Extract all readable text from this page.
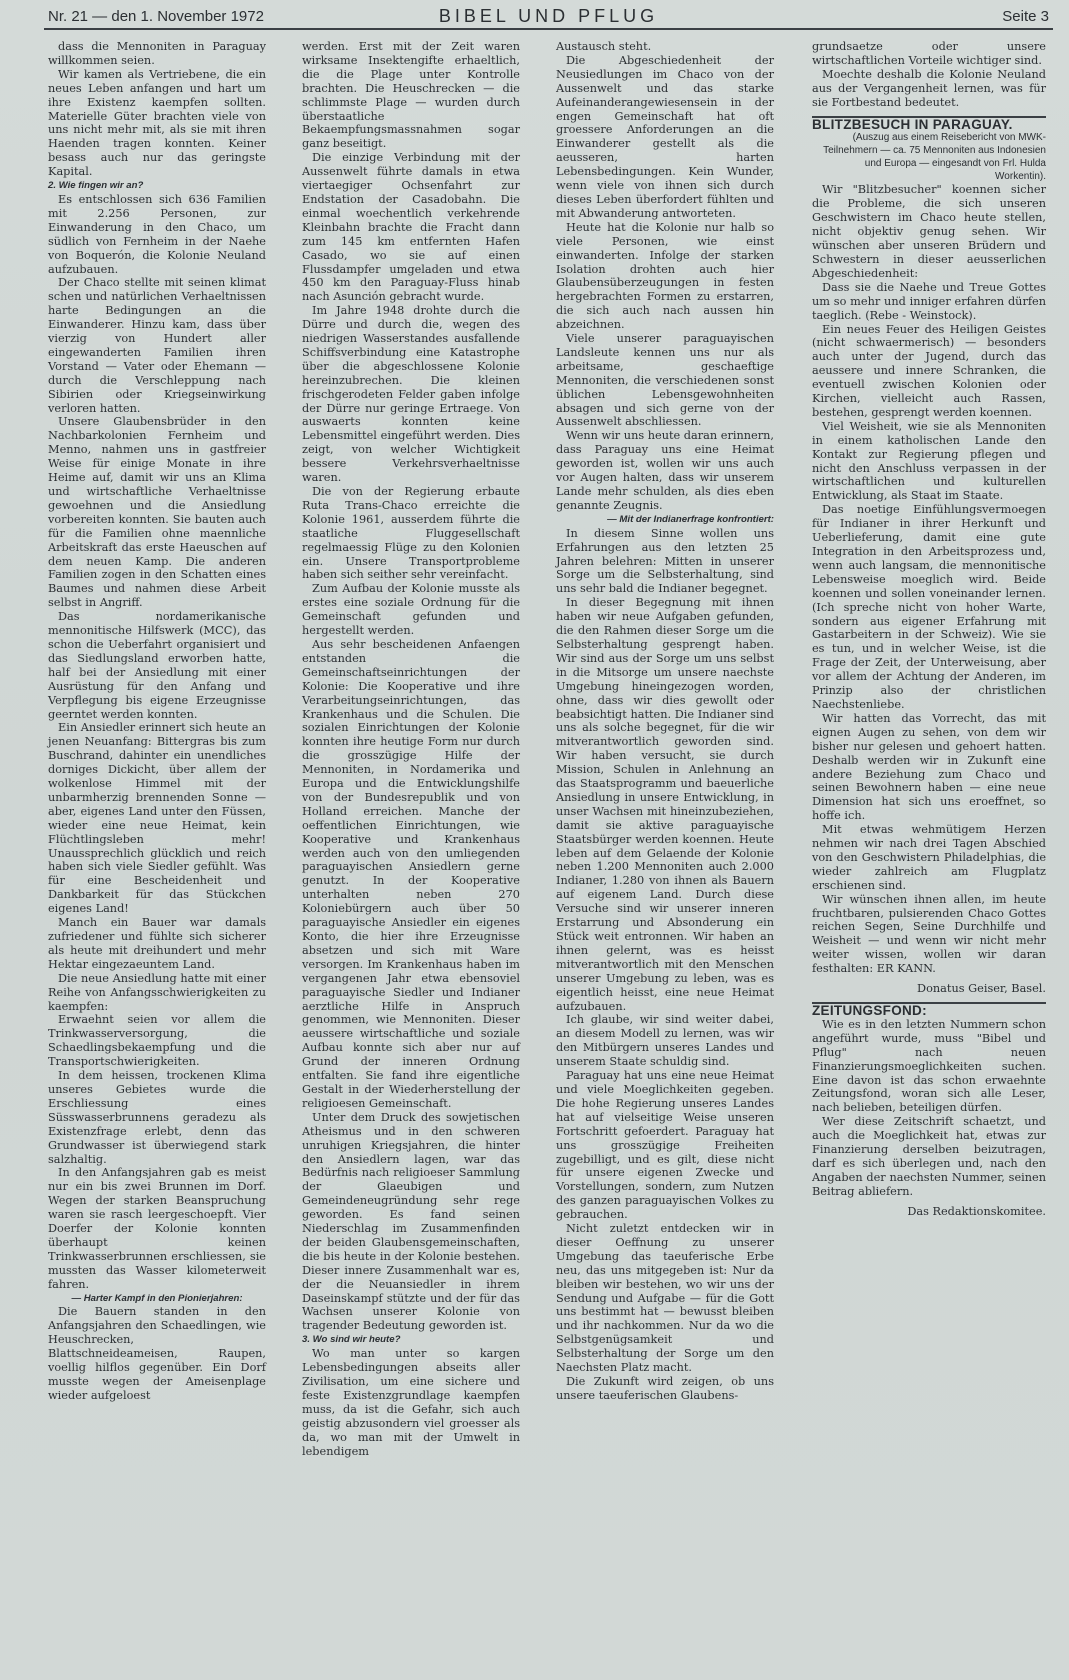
Nr. 21 — den 1. November 1972	BIBEL UND PFLUG	Seite 3

dass die Mennoniten in Paraguay willkommen seien.

Wir kamen als Vertriebene, die ein neues Leben anfangen und hart um ihre Existenz kaempfen sollten. Materielle Güter brachten viele von uns nicht mehr mit, als sie mit ihren Haenden tragen konnten. Keiner besass auch nur das geringste Kapital.

2. Wie fingen wir an?

Es entschlossen sich 636 Familien mit 2.256 Personen, zur Einwanderung in den Chaco, um südlich von Fernheim in der Naehe von Boquerón, die Kolonie Neuland aufzubauen.

Der Chaco stellte mit seinen klimat schen und natürlichen Verhaeltnissen harte Bedingungen an die Einwanderer. Hinzu kam, dass über vierzig von Hundert aller eingewanderten Familien ihren Vorstand — Vater oder Ehemann — durch die Verschleppung nach Sibirien oder Kriegseinwirkung verloren hatten.

Unsere Glaubensbrüder in den Nachbarkolonien Fernheim und Menno, nahmen uns in gastfreier Weise für einige Monate in ihre Heime auf, damit wir uns an Klima und wirtschaftliche Verhaeltnisse gewoehnen und die Ansiedlung vorbereiten konnten. Sie bauten auch für die Familien ohne maennliche Arbeitskraft das erste Haeuschen auf dem neuen Kamp. Die anderen Familien zogen in den Schatten eines Baumes und nahmen diese Arbeit selbst in Angriff.

Das nordamerikanische mennonitische Hilfswerk (MCC), das schon die Ueberfahrt organisiert und das Siedlungsland erworben hatte, half bei der Ansiedlung mit einer Ausrüstung für den Anfang und Verpflegung bis eigene Erzeugnisse geerntet werden konnten.

Ein Ansiedler erinnert sich heute an jenen Neuanfang: Bittergras bis zum Buschrand, dahinter ein unendliches dorniges Dickicht, über allem der wolkenlose Himmel mit der unbarmherzig brennenden Sonne — aber, eigenes Land unter den Füssen, wieder eine neue Heimat, kein Flüchtlingsleben mehr! Unaussprechlich glücklich und reich haben sich viele Siedler gefühlt. Was für eine Bescheidenheit und Dankbarkeit für das Stückchen eigenes Land!

Manch ein Bauer war damals zufriedener und fühlte sich sicherer als heute mit dreihundert und mehr Hektar eingezaeuntem Land.

Die neue Ansiedlung hatte mit einer Reihe von Anfangsschwierigkeiten zu kaempfen:

Erwaehnt seien vor allem die Trinkwasserversorgung, die Schaedlingsbekaempfung und die Transportschwierigkeiten.

In dem heissen, trockenen Klima unseres Gebietes wurde die Erschliessung eines Süsswasserbrunnens geradezu als Existenzfrage erlebt, denn das Grundwasser ist überwiegend stark salzhaltig.

In den Anfangsjahren gab es meist nur ein bis zwei Brunnen im Dorf. Wegen der starken Beanspruchung waren sie rasch leergeschoepft. Vier Doerfer der Kolonie konnten überhaupt keinen Trinkwasserbrunnen erschliessen, sie mussten das Wasser kilometerweit fahren.

— Harter Kampf in den Pionierjahren:

Die Bauern standen in den Anfangsjahren den Schaedlingen, wie Heuschrecken, Blattschneideameisen, Raupen, voellig hilflos gegenüber. Ein Dorf musste wegen der Ameisenplage wieder aufgeloest

werden. Erst mit der Zeit waren wirksame Insektengifte erhaeltlich, die die Plage unter Kontrolle brachten. Die Heuschrecken — die schlimmste Plage — wurden durch überstaatliche Bekaempfungsmassnahmen sogar ganz beseitigt.

Die einzige Verbindung mit der Aussenwelt führte damals in etwa viertaegiger Ochsenfahrt zur Endstation der Casadobahn. Die einmal woechentlich verkehrende Kleinbahn brachte die Fracht dann zum 145 km entfernten Hafen Casado, wo sie auf einen Flussdampfer umgeladen und etwa 450 km den Paraguay-Fluss hinab nach Asunción gebracht wurde.

Im Jahre 1948 drohte durch die Dürre und durch die, wegen des niedrigen Wasserstandes ausfallende Schiffsverbindung eine Katastrophe über die abgeschlossene Kolonie hereinzubrechen. Die kleinen frischgerodeten Felder gaben infolge der Dürre nur geringe Ertraege. Von auswaerts konnten keine Lebensmittel eingeführt werden. Dies zeigt, von welcher Wichtigkeit bessere Verkehrsverhaeltnisse waren.

Die von der Regierung erbaute Ruta Trans-Chaco erreichte die Kolonie 1961, ausserdem führte die staatliche Fluggesellschaft regelmaessig Flüge zu den Kolonien ein. Unsere Transportprobleme haben sich seither sehr vereinfacht.

Zum Aufbau der Kolonie musste als erstes eine soziale Ordnung für die Gemeinschaft gefunden und hergestellt werden.

Aus sehr bescheidenen Anfaengen entstanden die Gemeinschaftseinrichtungen der Kolonie: Die Kooperative und ihre Verarbeitungseinrichtungen, das Krankenhaus und die Schulen. Die sozialen Einrichtungen der Kolonie konnten ihre heutige Form nur durch die grosszügige Hilfe der Mennoniten, in Nordamerika und Europa und die Entwicklungshilfe von der Bundesrepublik und von Holland erreichen. Manche der oeffentlichen Einrichtungen, wie Kooperative und Krankenhaus werden auch von den umliegenden paraguayischen Ansiedlern gerne genutzt. In der Kooperative unterhalten neben 270 Koloniebürgern auch über 50 paraguayische Ansiedler ein eigenes Konto, die hier ihre Erzeugnisse absetzen und sich mit Ware versorgen. Im Krankenhaus haben im vergangenen Jahr etwa ebensoviel paraguayische Siedler und Indianer aerztliche Hilfe in Anspruch genommen, wie Mennoniten. Dieser aeussere wirtschaftliche und soziale Aufbau konnte sich aber nur auf Grund der inneren Ordnung entfalten. Sie fand ihre eigentliche Gestalt in der Wiederherstellung der religioesen Gemeinschaft.

Unter dem Druck des sowjetischen Atheismus und in den schweren unruhigen Kriegsjahren, die hinter den Ansiedlern lagen, war das Bedürfnis nach religioeser Sammlung der Glaeubigen und Gemeindeneugründung sehr rege geworden. Es fand seinen Niederschlag im Zusammenfinden der beiden Glaubensgemeinschaften, die bis heute in der Kolonie bestehen. Dieser innere Zusammenhalt war es, der die Neuansiedler in ihrem Daseinskampf stützte und der für das Wachsen unserer Kolonie von tragender Bedeutung geworden ist.

3. Wo sind wir heute?

Wo man unter so kargen Lebensbedingungen abseits aller Zivilisation, um eine sichere und feste Existenzgrundlage kaempfen muss, da ist die Gefahr, sich auch geistig abzusondern viel groesser als da, wo man mit der Umwelt in lebendigem

Austausch steht.

Die Abgeschiedenheit der Neusiedlungen im Chaco von der Aussenwelt und das starke Aufeinanderangewiesensein in der engen Gemeinschaft hat oft groessere Anforderungen an die Einwanderer gestellt als die aeusseren, harten Lebensbedingungen. Kein Wunder, wenn viele von ihnen sich durch dieses Leben überfordert fühlten und mit Abwanderung antworteten.

Heute hat die Kolonie nur halb so viele Personen, wie einst einwanderten. Infolge der starken Isolation drohten auch hier Glaubensüberzeugungen in festen hergebrachten Formen zu erstarren, die sich auch nach aussen hin abzeichnen.

Viele unserer paraguayischen Landsleute kennen uns nur als arbeitsame, geschaeftige Mennoniten, die verschiedenen sonst üblichen Lebensgewohnheiten absagen und sich gerne von der Aussenwelt abschliessen.

Wenn wir uns heute daran erinnern, dass Paraguay uns eine Heimat geworden ist, wollen wir uns auch vor Augen halten, dass wir unserem Lande mehr schulden, als dies eben genannte Zeugnis.

— Mit der Indianerfrage konfrontiert:

In diesem Sinne wollen uns Erfahrungen aus den letzten 25 Jahren belehren: Mitten in unserer Sorge um die Selbsterhaltung, sind uns sehr bald die Indianer begegnet.

In dieser Begegnung mit ihnen haben wir neue Aufgaben gefunden, die den Rahmen dieser Sorge um die Selbsterhaltung gesprengt haben. Wir sind aus der Sorge um uns selbst in die Mitsorge um unsere naechste Umgebung hineingezogen worden, ohne, dass wir dies gewollt oder beabsichtigt hatten. Die Indianer sind uns als solche begegnet, für die wir mitverantwortlich geworden sind. Wir haben versucht, sie durch Mission, Schulen in Anlehnung an das Staatsprogramm und baeuerliche Ansiedlung in unsere Entwicklung, in unser Wachsen mit hineinzubeziehen, damit sie aktive paraguayische Staatsbürger werden koennen. Heute leben auf dem Gelaende der Kolonie neben 1.200 Mennoniten auch 2.000 Indianer, 1.280 von ihnen als Bauern auf eigenem Land. Durch diese Versuche sind wir unserer inneren Erstarrung und Absonderung ein Stück weit entronnen. Wir haben an ihnen gelernt, was es heisst mitverantwortlich mit den Menschen unserer Umgebung zu leben, was es eigentlich heisst, eine neue Heimat aufzubauen.

Ich glaube, wir sind weiter dabei, an diesem Modell zu lernen, was wir den Mitbürgern unseres Landes und unserem Staate schuldig sind.

Paraguay hat uns eine neue Heimat und viele Moeglichkeiten gegeben. Die hohe Regierung unseres Landes hat auf vielseitige Weise unseren Fortschritt gefoerdert. Paraguay hat uns grosszügige Freiheiten zugebilligt, und es gilt, diese nicht für unsere eigenen Zwecke und Vorstellungen, sondern, zum Nutzen des ganzen paraguayischen Volkes zu gebrauchen.

Nicht zuletzt entdecken wir in dieser Oeffnung zu unserer Umgebung das taeuferische Erbe neu, das uns mitgegeben ist: Nur da bleiben wir bestehen, wo wir uns der Sendung und Aufgabe — für die Gott uns bestimmt hat — bewusst bleiben und ihr nachkommen. Nur da wo die Selbstgenügsamkeit und Selbsterhaltung der Sorge um den Naechsten Platz macht.

Die Zukunft wird zeigen, ob uns unsere taeuferischen Glaubens-

grundsaetze oder unsere wirtschaftlichen Vorteile wichtiger sind.

Moechte deshalb die Kolonie Neuland aus der Vergangenheit lernen, was für sie Fortbestand bedeutet.

BLITZBESUCH IN PARAGUAY.

(Auszug aus einem Reisebericht von MWK-Teilnehmern — ca. 75 Mennoniten aus Indonesien und Europa — eingesandt von Frl. Hulda Workentin).

Wir "Blitzbesucher" koennen sicher die Probleme, die sich unseren Geschwistern im Chaco heute stellen, nicht objektiv genug sehen. Wir wünschen aber unseren Brüdern und Schwestern in dieser aeusserlichen Abgeschiedenheit:

Dass sie die Naehe und Treue Gottes um so mehr und inniger erfahren dürfen taeglich. (Rebe - Weinstock).

Ein neues Feuer des Heiligen Geistes (nicht schwaermerisch) — besonders auch unter der Jugend, durch das aeussere und innere Schranken, die eventuell zwischen Kolonien oder Kirchen, vielleicht auch Rassen, bestehen, gesprengt werden koennen.

Viel Weisheit, wie sie als Mennoniten in einem katholischen Lande den Kontakt zur Regierung pflegen und nicht den Anschluss verpassen in der wirtschaftlichen und kulturellen Entwicklung, als Staat im Staate.

Das noetige Einfühlungsvermoegen für Indianer in ihrer Herkunft und Ueberlieferung, damit eine gute Integration in den Arbeitsprozess und, wenn auch langsam, die mennonitische Lebensweise moeglich wird. Beide koennen und sollen voneinander lernen. (Ich spreche nicht von hoher Warte, sondern aus eigener Erfahrung mit Gastarbeitern in der Schweiz). Wie sie es tun, und in welcher Weise, ist die Frage der Zeit, der Unterweisung, aber vor allem der Achtung der Anderen, im Prinzip also der christlichen Naechstenliebe.

Wir hatten das Vorrecht, das mit eignen Augen zu sehen, von dem wir bisher nur gelesen und gehoert hatten. Deshalb werden wir in Zukunft eine andere Beziehung zum Chaco und seinen Bewohnern haben — eine neue Dimension hat sich uns eroeffnet, so hoffe ich.

Mit etwas wehmütigem Herzen nehmen wir nach drei Tagen Abschied von den Geschwistern Philadelphias, die wieder zahlreich am Flugplatz erschienen sind.

Wir wünschen ihnen allen, im heute fruchtbaren, pulsierenden Chaco Gottes reichen Segen, Seine Durchhilfe und Weisheit — und wenn wir nicht mehr weiter wissen, wollen wir daran festhalten: ER KANN.

Donatus Geiser, Basel.

ZEITUNGSFOND:

Wie es in den letzten Nummern schon angeführt wurde, muss "Bibel und Pflug" nach neuen Finanzierungsmoeglichkeiten suchen. Eine davon ist das schon erwaehnte Zeitungsfond, woran sich alle Leser, nach belieben, beteiligen dürfen.

Wer diese Zeitschrift schaetzt, und auch die Moeglichkeit hat, etwas zur Finanzierung derselben beizutragen, darf es sich überlegen und, nach den Angaben der naechsten Nummer, seinen Beitrag abliefern.

Das Redaktionskomitee.
